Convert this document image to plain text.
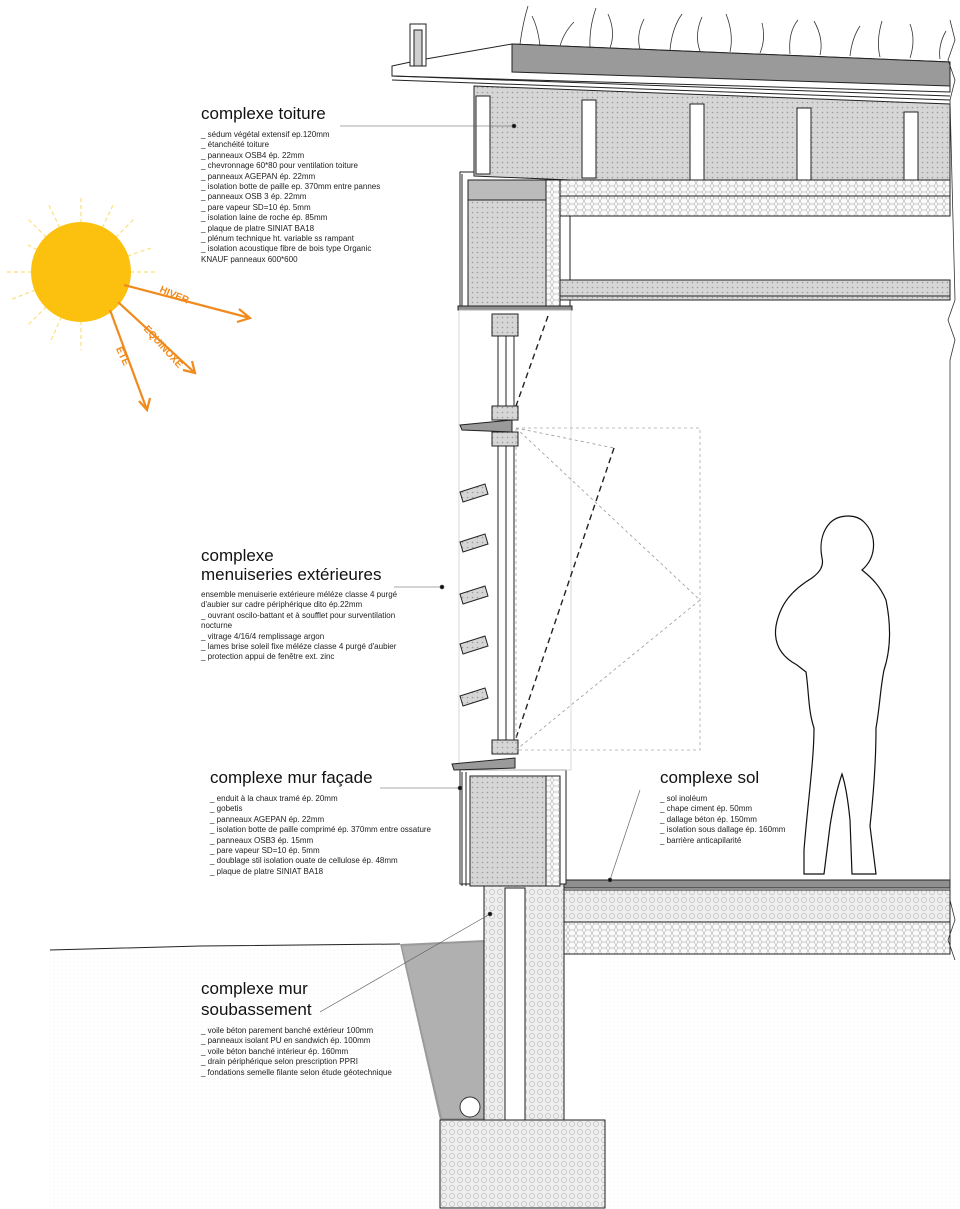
complexe toiture
_ sédum végétal extensif ep.120mm
_ étanchéité toiture
_ panneaux OSB4 ép. 22mm
_ chevronnage 60*80 pour ventilation toiture
_ panneaux AGEPAN ép. 22mm
_ isolation botte de paille ep. 370mm entre pannes
_ panneaux OSB 3 ép. 22mm
_ pare vapeur SD=10 ép. 5mm
_ isolation laine de roche ép. 85mm
_ plaque de platre SINIAT BA18
_ plénum technique ht. variable ss rampant
_ isolation acoustique fibre de bois type Organic
KNAUF panneaux 600*600
complexe
menuiseries extérieures
ensemble menuiserie extérieure méléze classe 4 purgé
d'aubier sur cadre périphérique dito ép.22mm
_ ouvrant oscilo-battant et à soufflet pour surventilation
nocturne
_ vitrage 4/16/4 remplissage argon
_ lames brise soleil fixe méléze classe 4 purgé d'aubier
_ protection appui de fenêtre ext. zinc
complexe mur façade
_ enduit à la chaux tramé ép. 20mm
_ gobetis
_ panneaux AGEPAN ép. 22mm
_ isolation botte de paille comprimé ép. 370mm entre ossature
_ panneaux OSB3 ép. 15mm
_ pare vapeur SD=10 ép. 5mm
_ doublage stil isolation ouate de cellulose ép. 48mm
_ plaque de platre SINIAT BA18
complexe sol
_ sol inoléum
_ chape ciment ép. 50mm
_ dallage béton ép. 150mm
_ isolation sous dallage ép. 160mm
_ barrière anticapilarité
complexe mur
soubassement
_ voile béton parement banché extérieur 100mm
_ panneaux isolant PU en sandwich ép. 100mm
_ voile béton banché intérieur ép. 160mm
_ drain périphérique selon prescription PPRI
_ fondations semelle filante selon étude géotechnique
HIVER
EQUINOXE
ETE
